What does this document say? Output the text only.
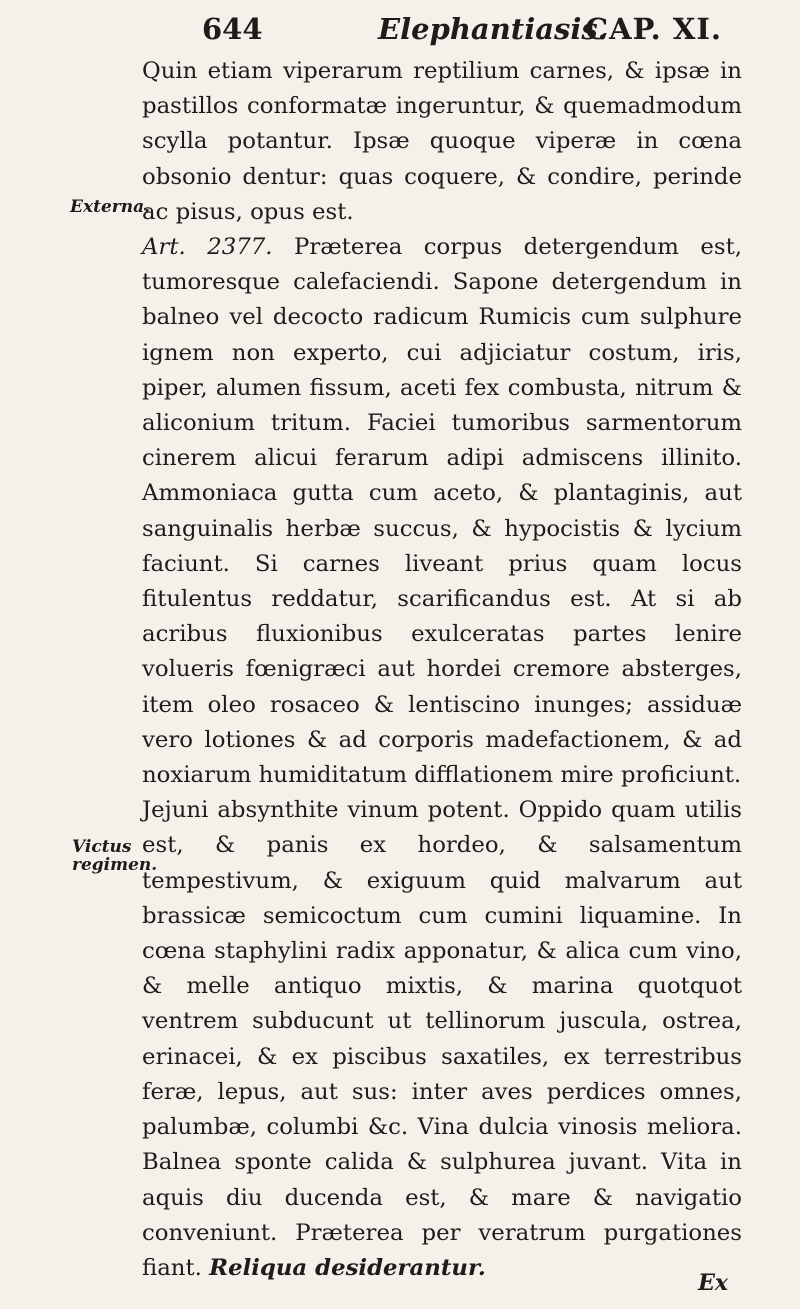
644	Elephantiasis.
CAP. XI.
Externa.
Victus
regimen.

Quin etiam viperarum reptilium carnes, & ipsæ in pastillos conformatæ ingeruntur, & quemadmodum scylla potantur. Ipsæ quoque viperæ in cœna obsonio dentur: quas coquere, & condire, perinde ac pisus, opus est.

Art. 2377. Præterea corpus detergendum est, tumoresque calefaciendi. Sapone detergendum in balneo vel decocto radicum Rumicis cum sulphure ignem non experto, cui adjiciatur costum, iris, piper, alumen fissum, aceti fex combusta, nitrum & aliconium tritum. Faciei tumoribus sarmentorum cinerem alicui ferarum adipi admiscens illinito. Ammoniaca gutta cum aceto, & plantaginis, aut sanguinalis herbæ succus, & hypocistis & lycium faciunt. Si carnes liveant prius quam locus fitulentus reddatur, scarificandus est. At si ab acribus fluxionibus exulceratas partes lenire volueris fœnigræci aut hordei cremore absterges, item oleo rosaceo & lentiscino inunges; assiduæ vero lotiones & ad corporis madefactionem, & ad noxiarum humiditatum difflationem mire proficiunt.

Jejuni absynthite vinum potent. Oppido quam utilis est, & panis ex hordeo, & salsamentum tempestivum, & exiguum quid malvarum aut brassicæ semicoctum cum cumini liquamine. In cœna staphylini radix apponatur, & alica cum vino, & melle antiquo mixtis, & marina quotquot ventrem subducunt ut tellinorum jusculа, ostrea, erinacei, & ex piscibus saxatiles, ex terrestribus feræ, lepus, aut sus: inter aves perdices omnes, palumbæ, columbi &c. Vina dulcia vinosis meliora. Balnea sponte calida & sulphurea juvant. Vita in aquis diu ducenda est, & mare & navigatio conveniunt. Præterea per veratrum purgationes fiant. Reliqua desiderantur.

Ex
